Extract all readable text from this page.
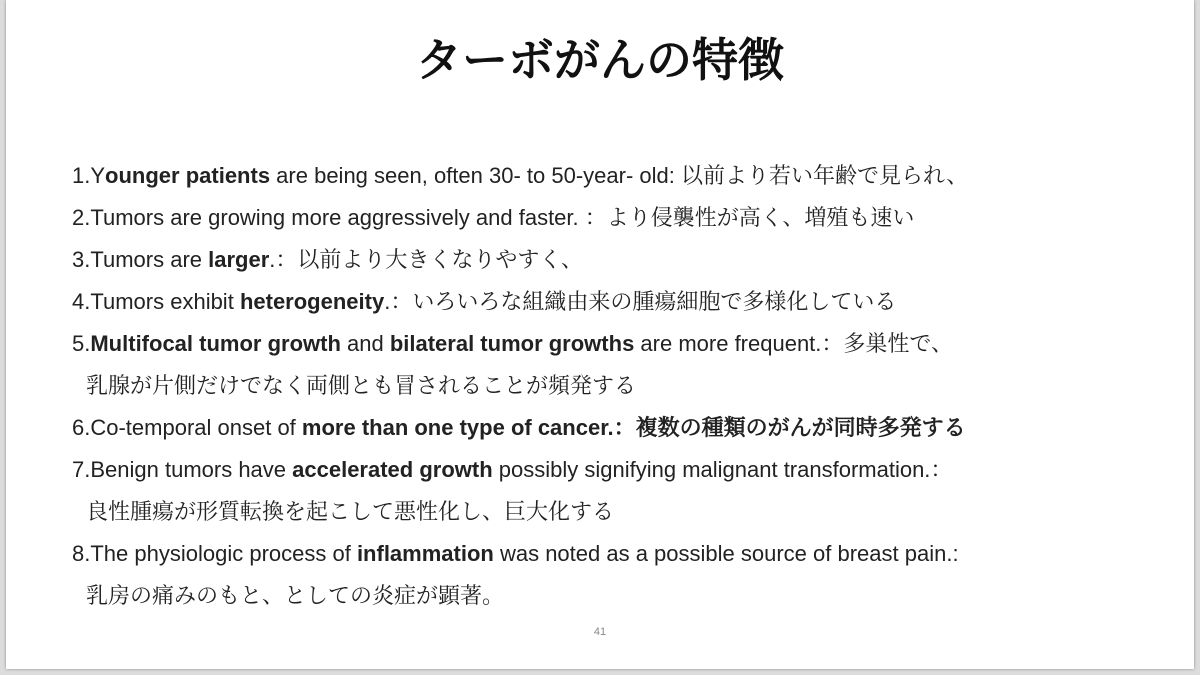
ターボがんの特徴
1.Younger patients are being seen, often 30- to 50-year- old: 以前より若い年齢で見られ、
2.Tumors are growing more aggressively and faster. ：より侵襲性が高く、増殖も速い
3.Tumors are larger.：以前より大きくなりやすく、
4.Tumors exhibit heterogeneity.：いろいろな組織由来の腫瘍細胞で多様化している
5.Multifocal tumor growth and bilateral tumor growths are more frequent.：多巣性で、
乳腺が片側だけでなく両側とも冒されることが頻発する
6.Co-temporal onset of more than one type of cancer.：複数の種類のがんが同時多発する
7.Benign tumors have accelerated growth possibly signifying malignant transformation.：
良性腫瘍が形質転換を起こして悪性化し、巨大化する
8.The physiologic process of inflammation was noted as a possible source of breast pain.:
乳房の痛みのもと、としての炎症が顕著。
41
